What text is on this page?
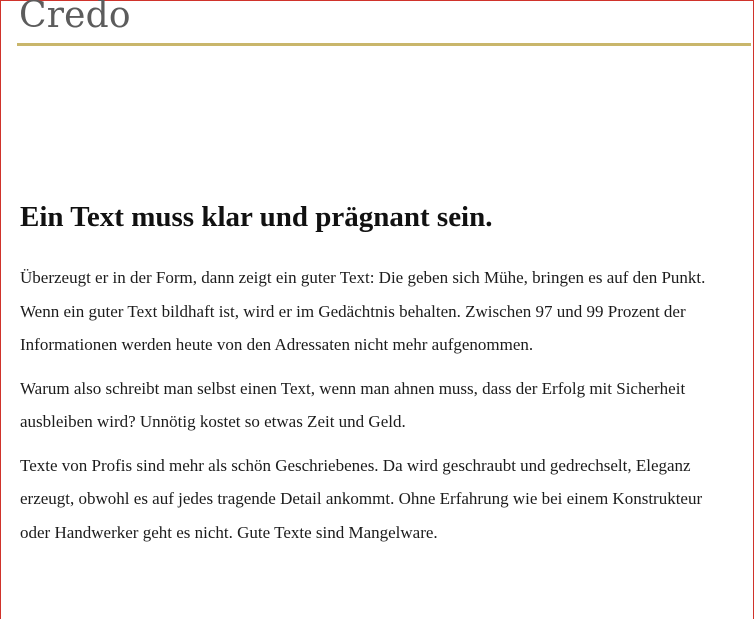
Credo
Ein Text muss klar und prägnant sein.

Überzeugt er in der Form, dann zeigt ein guter Text: Die geben sich Mühe, bringen es auf den Punkt. Wenn ein guter Text bildhaft ist, wird er im Gedächtnis behalten. Zwischen 97 und 99 Prozent der Informationen werden heute von den Adressaten nicht mehr aufgenommen.

Warum also schreibt man selbst einen Text, wenn man ahnen muss, dass der Erfolg mit Sicherheit ausbleiben wird? Unnötig kostet so etwas Zeit und Geld.

Texte von Profis sind mehr als schön Geschriebenes. Da wird geschraubt und gedrechselt, Eleganz erzeugt, obwohl es auf jedes tragende Detail ankommt. Ohne Erfahrung wie bei einem Konstrukteur oder Handwerker geht es nicht. Gute Texte sind Mangelware.
